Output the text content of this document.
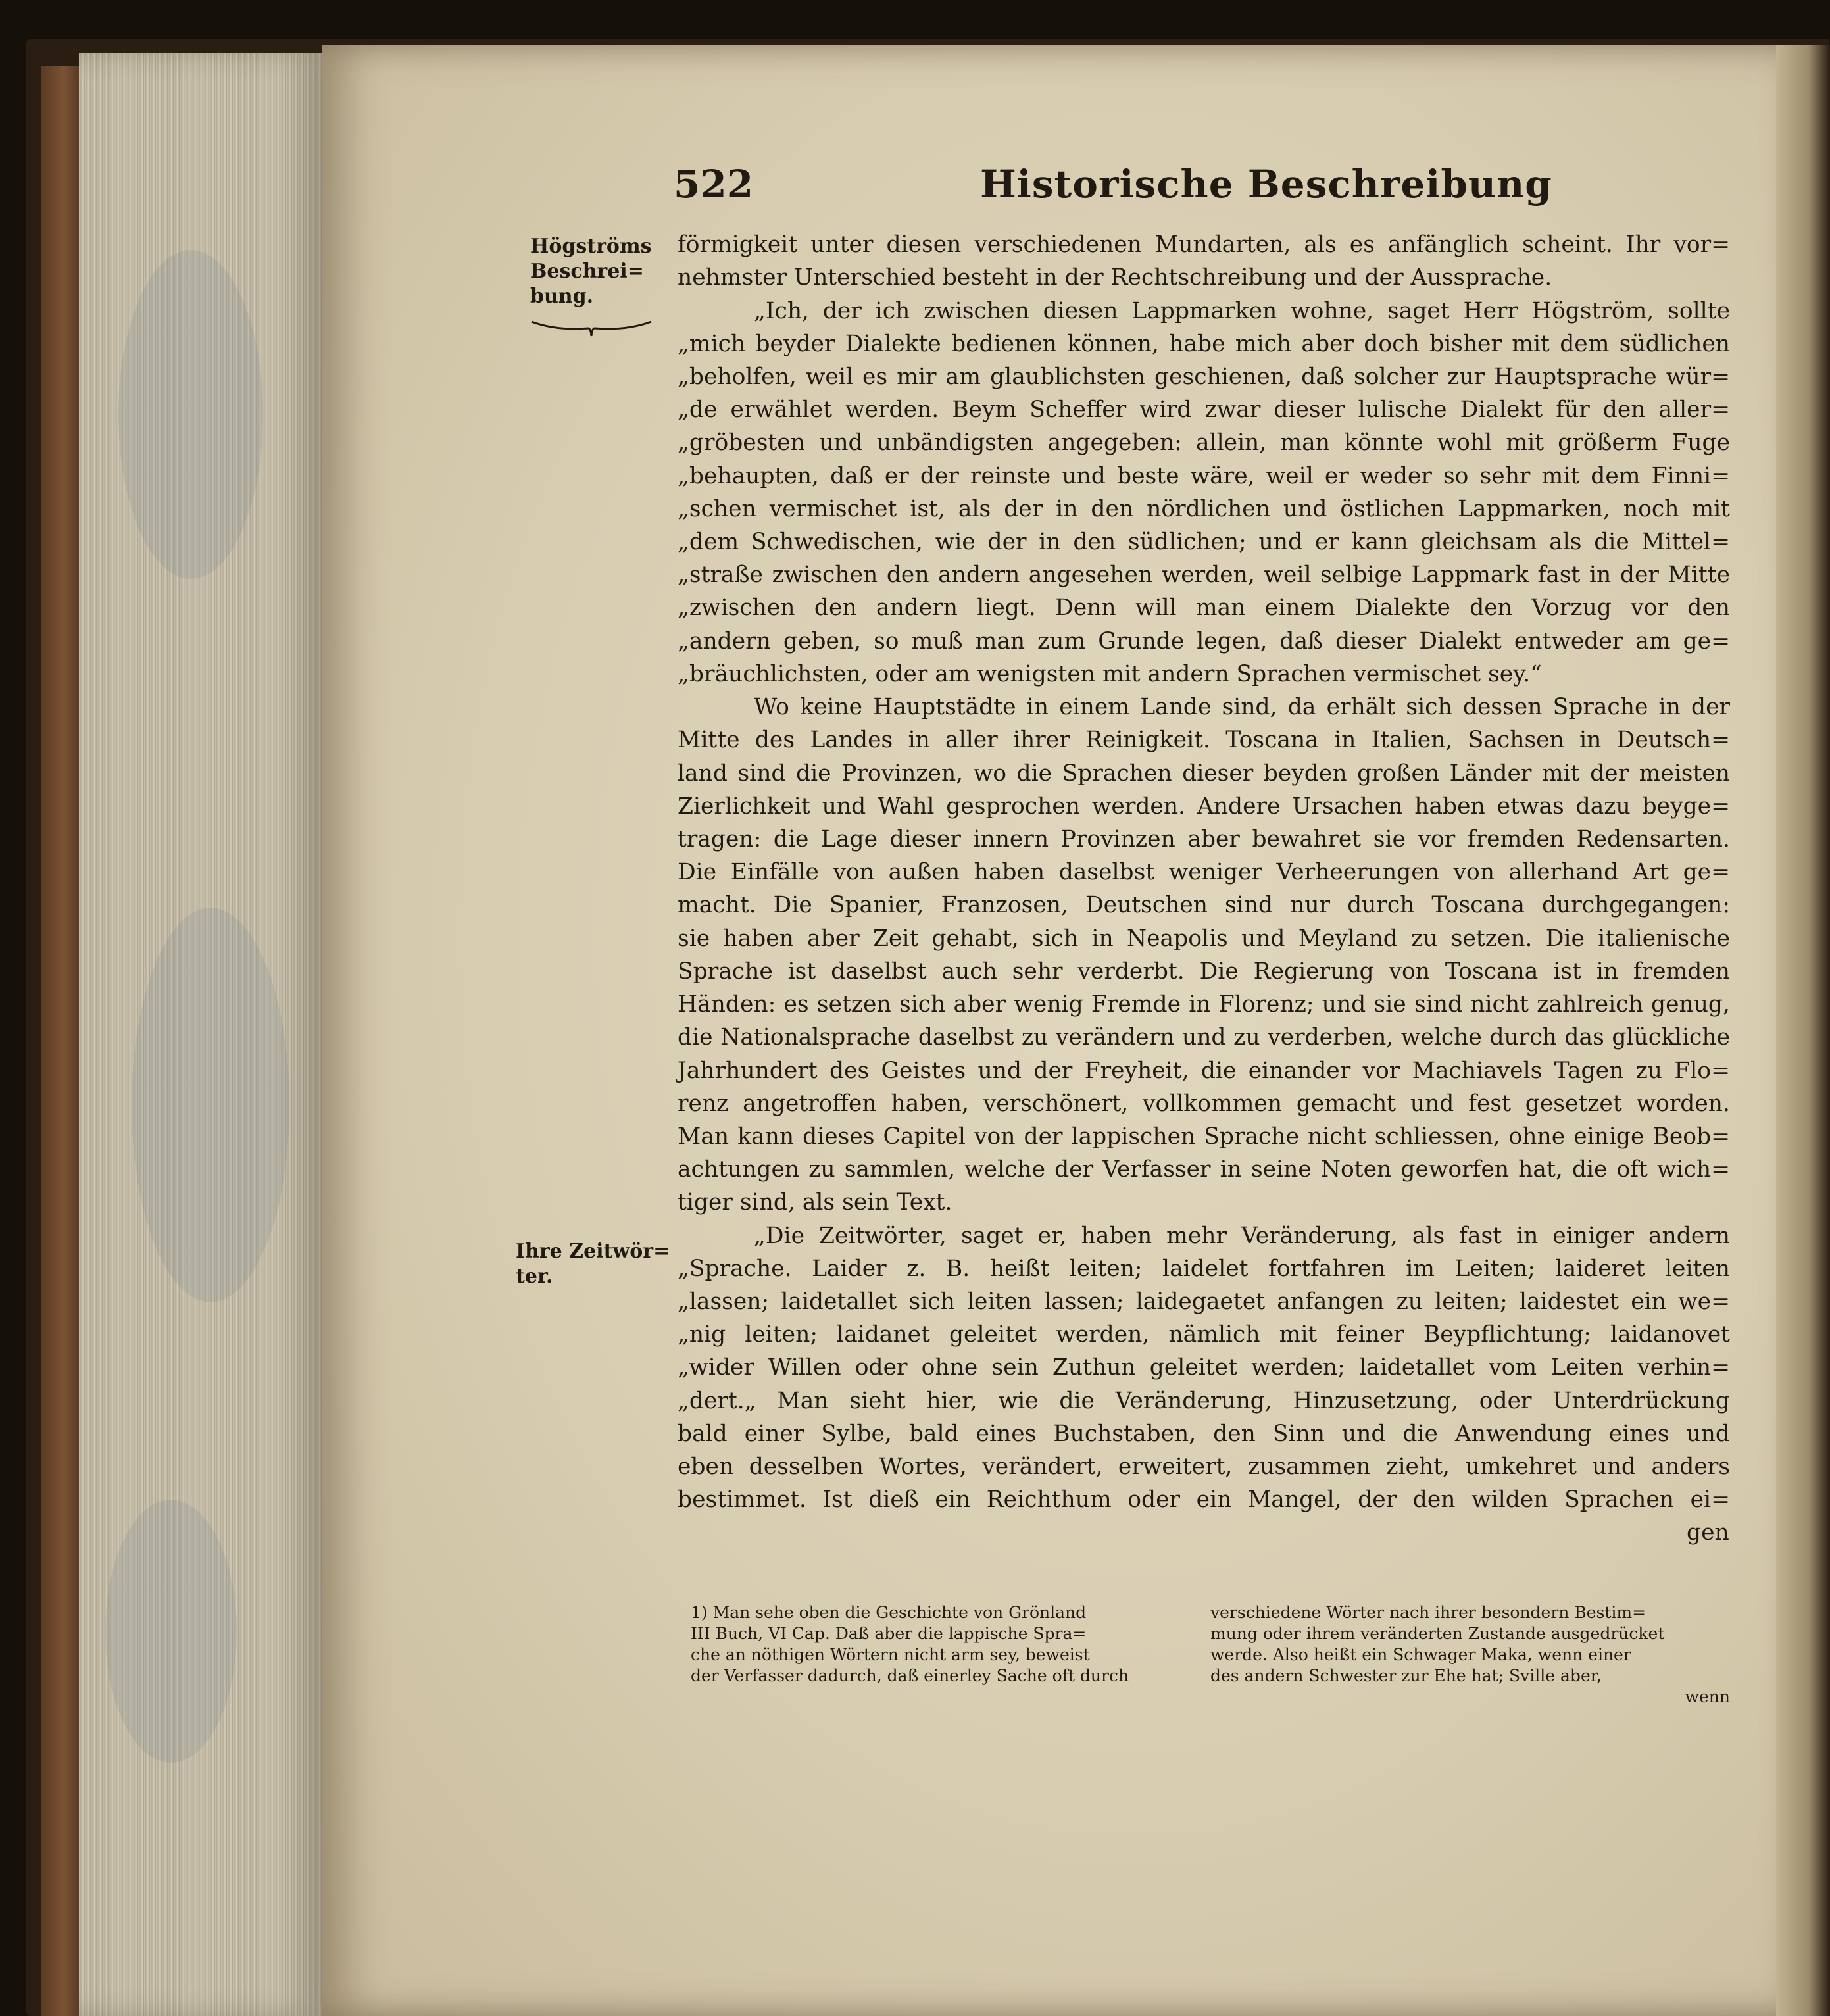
522	Historische Beschreibung
Högströms
Beschrei=
bung.
Ihre Zeitwör=
ter.
förmigkeit unter diesen verschiedenen Mundarten, als es anfänglich scheint. Ihr vor=
nehmster Unterschied besteht in der Rechtschreibung und der Aussprache.
„Ich, der ich zwischen diesen Lappmarken wohne, saget Herr Högström, sollte
„mich beyder Dialekte bedienen können, habe mich aber doch bisher mit dem südlichen
„beholfen, weil es mir am glaublichsten geschienen, daß solcher zur Hauptsprache wür=
„de erwählet werden. Beym Scheffer wird zwar dieser lulische Dialekt für den aller=
„gröbesten und unbändigsten angegeben: allein, man könnte wohl mit größerm Fuge
„behaupten, daß er der reinste und beste wäre, weil er weder so sehr mit dem Finni=
„schen vermischet ist, als der in den nördlichen und östlichen Lappmarken, noch mit
„dem Schwedischen, wie der in den südlichen; und er kann gleichsam als die Mittel=
„straße zwischen den andern angesehen werden, weil selbige Lappmark fast in der Mitte
„zwischen den andern liegt. Denn will man einem Dialekte den Vorzug vor den
„andern geben, so muß man zum Grunde legen, daß dieser Dialekt entweder am ge=
„bräuchlichsten, oder am wenigsten mit andern Sprachen vermischet sey.“
Wo keine Hauptstädte in einem Lande sind, da erhält sich dessen Sprache in der
Mitte des Landes in aller ihrer Reinigkeit. Toscana in Italien, Sachsen in Deutsch=
land sind die Provinzen, wo die Sprachen dieser beyden großen Länder mit der meisten
Zierlichkeit und Wahl gesprochen werden. Andere Ursachen haben etwas dazu beyge=
tragen: die Lage dieser innern Provinzen aber bewahret sie vor fremden Redensarten.
Die Einfälle von außen haben daselbst weniger Verheerungen von allerhand Art ge=
macht. Die Spanier, Franzosen, Deutschen sind nur durch Toscana durchgegangen:
sie haben aber Zeit gehabt, sich in Neapolis und Meyland zu setzen. Die italienische
Sprache ist daselbst auch sehr verderbt. Die Regierung von Toscana ist in fremden
Händen: es setzen sich aber wenig Fremde in Florenz; und sie sind nicht zahlreich genug,
die Nationalsprache daselbst zu verändern und zu verderben, welche durch das glückliche
Jahrhundert des Geistes und der Freyheit, die einander vor Machiavels Tagen zu Flo=
renz angetroffen haben, verschönert, vollkommen gemacht und fest gesetzet worden.
Man kann dieses Capitel von der lappischen Sprache nicht schliessen, ohne einige Beob=
achtungen zu sammlen, welche der Verfasser in seine Noten geworfen hat, die oft wich=
tiger sind, als sein Text.
„Die Zeitwörter, saget er, haben mehr Veränderung, als fast in einiger andern
„Sprache. Laider z. B. heißt leiten; laidelet fortfahren im Leiten; laideret leiten
„lassen; laidetallet sich leiten lassen; laidegaetet anfangen zu leiten; laidestet ein we=
„nig leiten; laidanet geleitet werden, nämlich mit feiner Beypflichtung; laidanovet
„wider Willen oder ohne sein Zuthun geleitet werden; laidetallet vom Leiten verhin=
„dert.„ Man sieht hier, wie die Veränderung, Hinzusetzung, oder Unterdrückung
bald einer Sylbe, bald eines Buchstaben, den Sinn und die Anwendung eines und
eben desselben Wortes, verändert, erweitert, zusammen zieht, umkehret und anders
bestimmet. Ist dieß ein Reichthum oder ein Mangel, der den wilden Sprachen ei=
gen
1) Man sehe oben die Geschichte von Grönland
III Buch, VI Cap. Daß aber die lappische Spra=
che an nöthigen Wörtern nicht arm sey, beweist
der Verfasser dadurch, daß einerley Sache oft durch
verschiedene Wörter nach ihrer besondern Bestim=
mung oder ihrem veränderten Zustande ausgedrücket
werde. Also heißt ein Schwager Maka, wenn einer
des andern Schwester zur Ehe hat; Sville aber,
wenn
